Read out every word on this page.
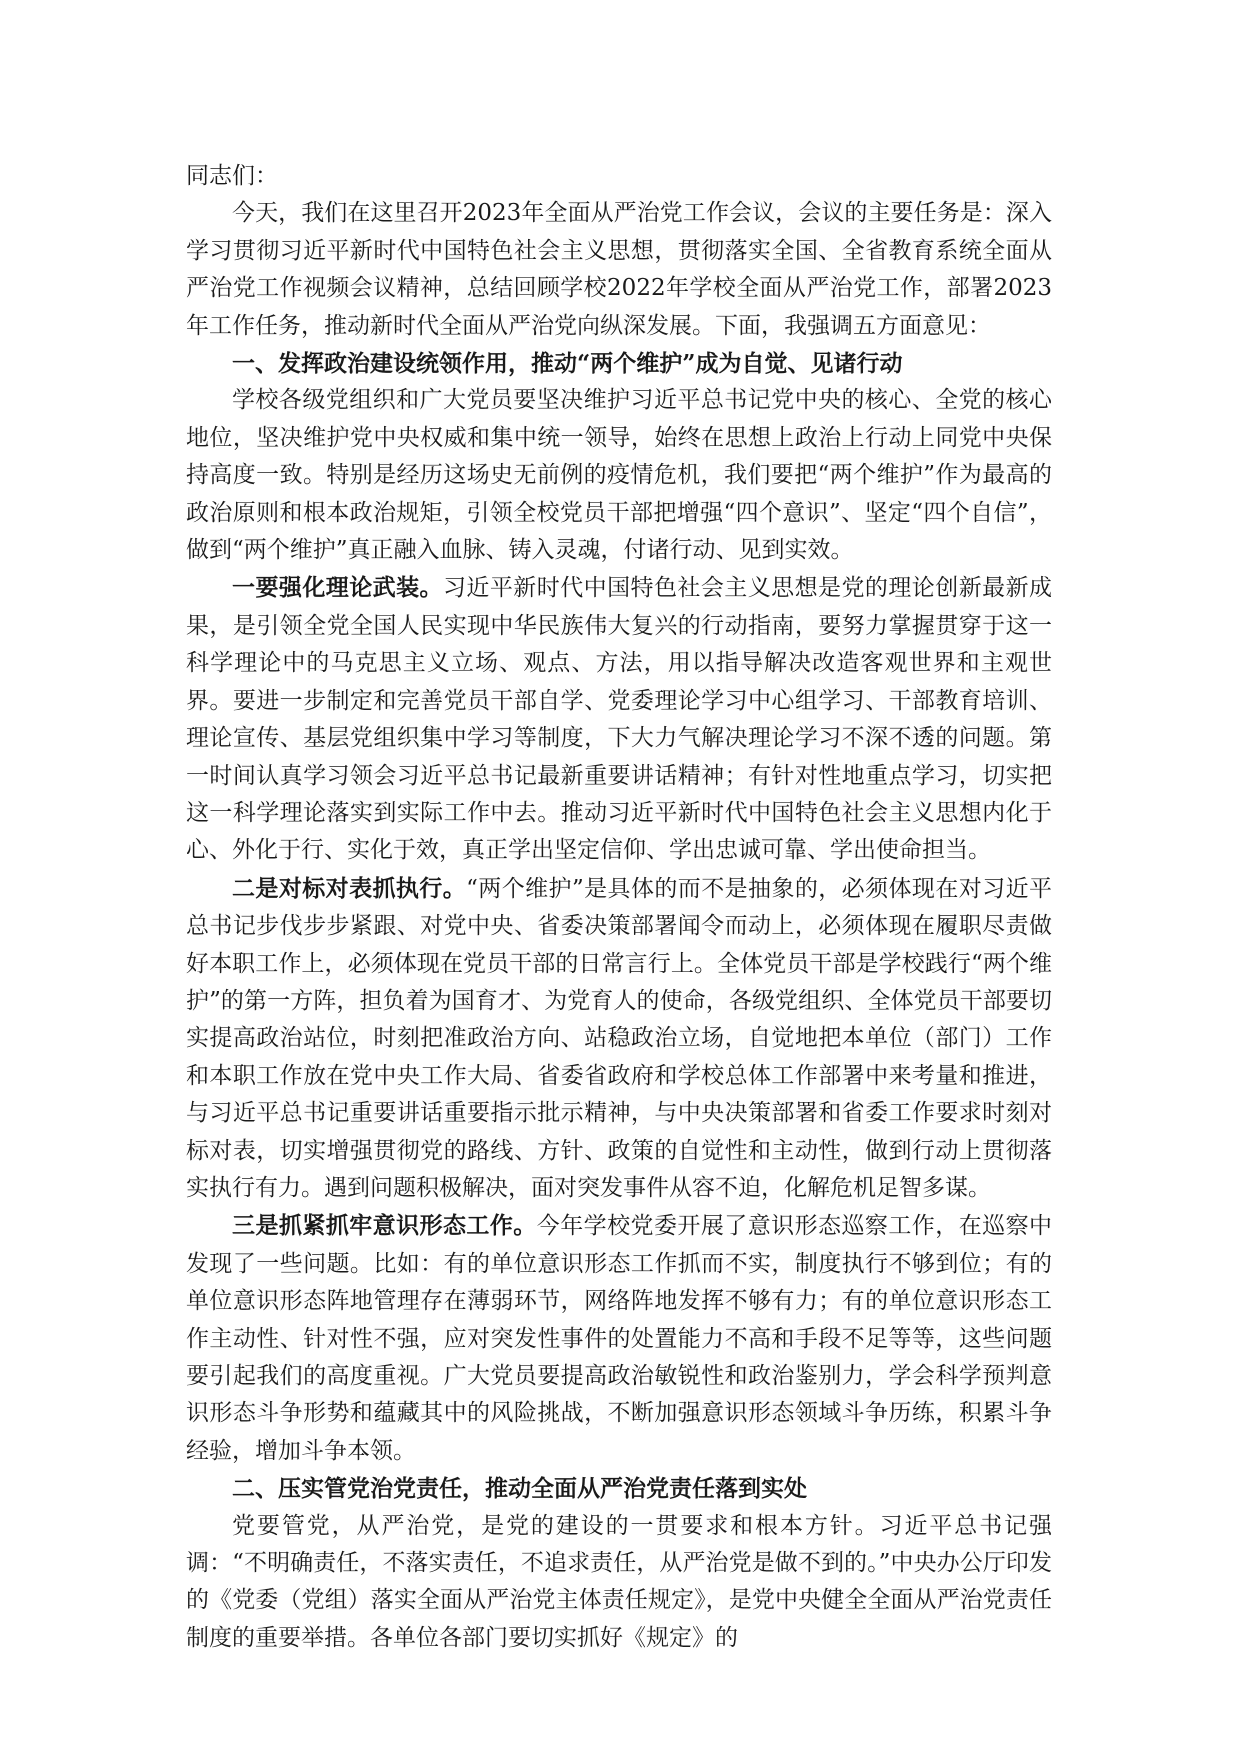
同志们：

今天，我们在这里召开2023年全面从严治党工作会议，会议的主要任务是：深入学习贯彻习近平新时代中国特色社会主义思想，贯彻落实全国、全省教育系统全面从严治党工作视频会议精神，总结回顾学校2022年学校全面从严治党工作，部署2023年工作任务，推动新时代全面从严治党向纵深发展。下面，我强调五方面意见：

一、发挥政治建设统领作用，推动“两个维护”成为自觉、见诸行动

学校各级党组织和广大党员要坚决维护习近平总书记党中央的核心、全党的核心地位，坚决维护党中央权威和集中统一领导，始终在思想上政治上行动上同党中央保持高度一致。特别是经历这场史无前例的疫情危机，我们要把“两个维护”作为最高的政治原则和根本政治规矩，引领全校党员干部把增强“四个意识”、坚定“四个自信”，做到“两个维护”真正融入血脉、铸入灵魂，付诸行动、见到实效。

一要强化理论武装。习近平新时代中国特色社会主义思想是党的理论创新最新成果，是引领全党全国人民实现中华民族伟大复兴的行动指南，要努力掌握贯穿于这一科学理论中的马克思主义立场、观点、方法，用以指导解决改造客观世界和主观世界。要进一步制定和完善党员干部自学、党委理论学习中心组学习、干部教育培训、理论宣传、基层党组织集中学习等制度，下大力气解决理论学习不深不透的问题。第一时间认真学习领会习近平总书记最新重要讲话精神；有针对性地重点学习，切实把这一科学理论落实到实际工作中去。推动习近平新时代中国特色社会主义思想内化于心、外化于行、实化于效，真正学出坚定信仰、学出忠诚可靠、学出使命担当。

二是对标对表抓执行。“两个维护”是具体的而不是抽象的，必须体现在对习近平总书记步伐步步紧跟、对党中央、省委决策部署闻令而动上，必须体现在履职尽责做好本职工作上，必须体现在党员干部的日常言行上。全体党员干部是学校践行“两个维护”的第一方阵，担负着为国育才、为党育人的使命，各级党组织、全体党员干部要切实提高政治站位，时刻把准政治方向、站稳政治立场，自觉地把本单位（部门）工作和本职工作放在党中央工作大局、省委省政府和学校总体工作部署中来考量和推进，与习近平总书记重要讲话重要指示批示精神，与中央决策部署和省委工作要求时刻对标对表，切实增强贯彻党的路线、方针、政策的自觉性和主动性，做到行动上贯彻落实执行有力。遇到问题积极解决，面对突发事件从容不迫，化解危机足智多谋。

三是抓紧抓牢意识形态工作。今年学校党委开展了意识形态巡察工作，在巡察中发现了一些问题。比如：有的单位意识形态工作抓而不实，制度执行不够到位；有的单位意识形态阵地管理存在薄弱环节，网络阵地发挥不够有力；有的单位意识形态工作主动性、针对性不强，应对突发性事件的处置能力不高和手段不足等等，这些问题要引起我们的高度重视。广大党员要提高政治敏锐性和政治鉴别力，学会科学预判意识形态斗争形势和蕴藏其中的风险挑战，不断加强意识形态领域斗争历练，积累斗争经验，增加斗争本领。

二、压实管党治党责任，推动全面从严治党责任落到实处

党要管党，从严治党，是党的建设的一贯要求和根本方针。习近平总书记强调：“不明确责任，不落实责任，不追求责任，从严治党是做不到的。”中央办公厅印发的《党委（党组）落实全面从严治党主体责任规定》，是党中央健全全面从严治党责任制度的重要举措。各单位各部门要切实抓好《规定》的
